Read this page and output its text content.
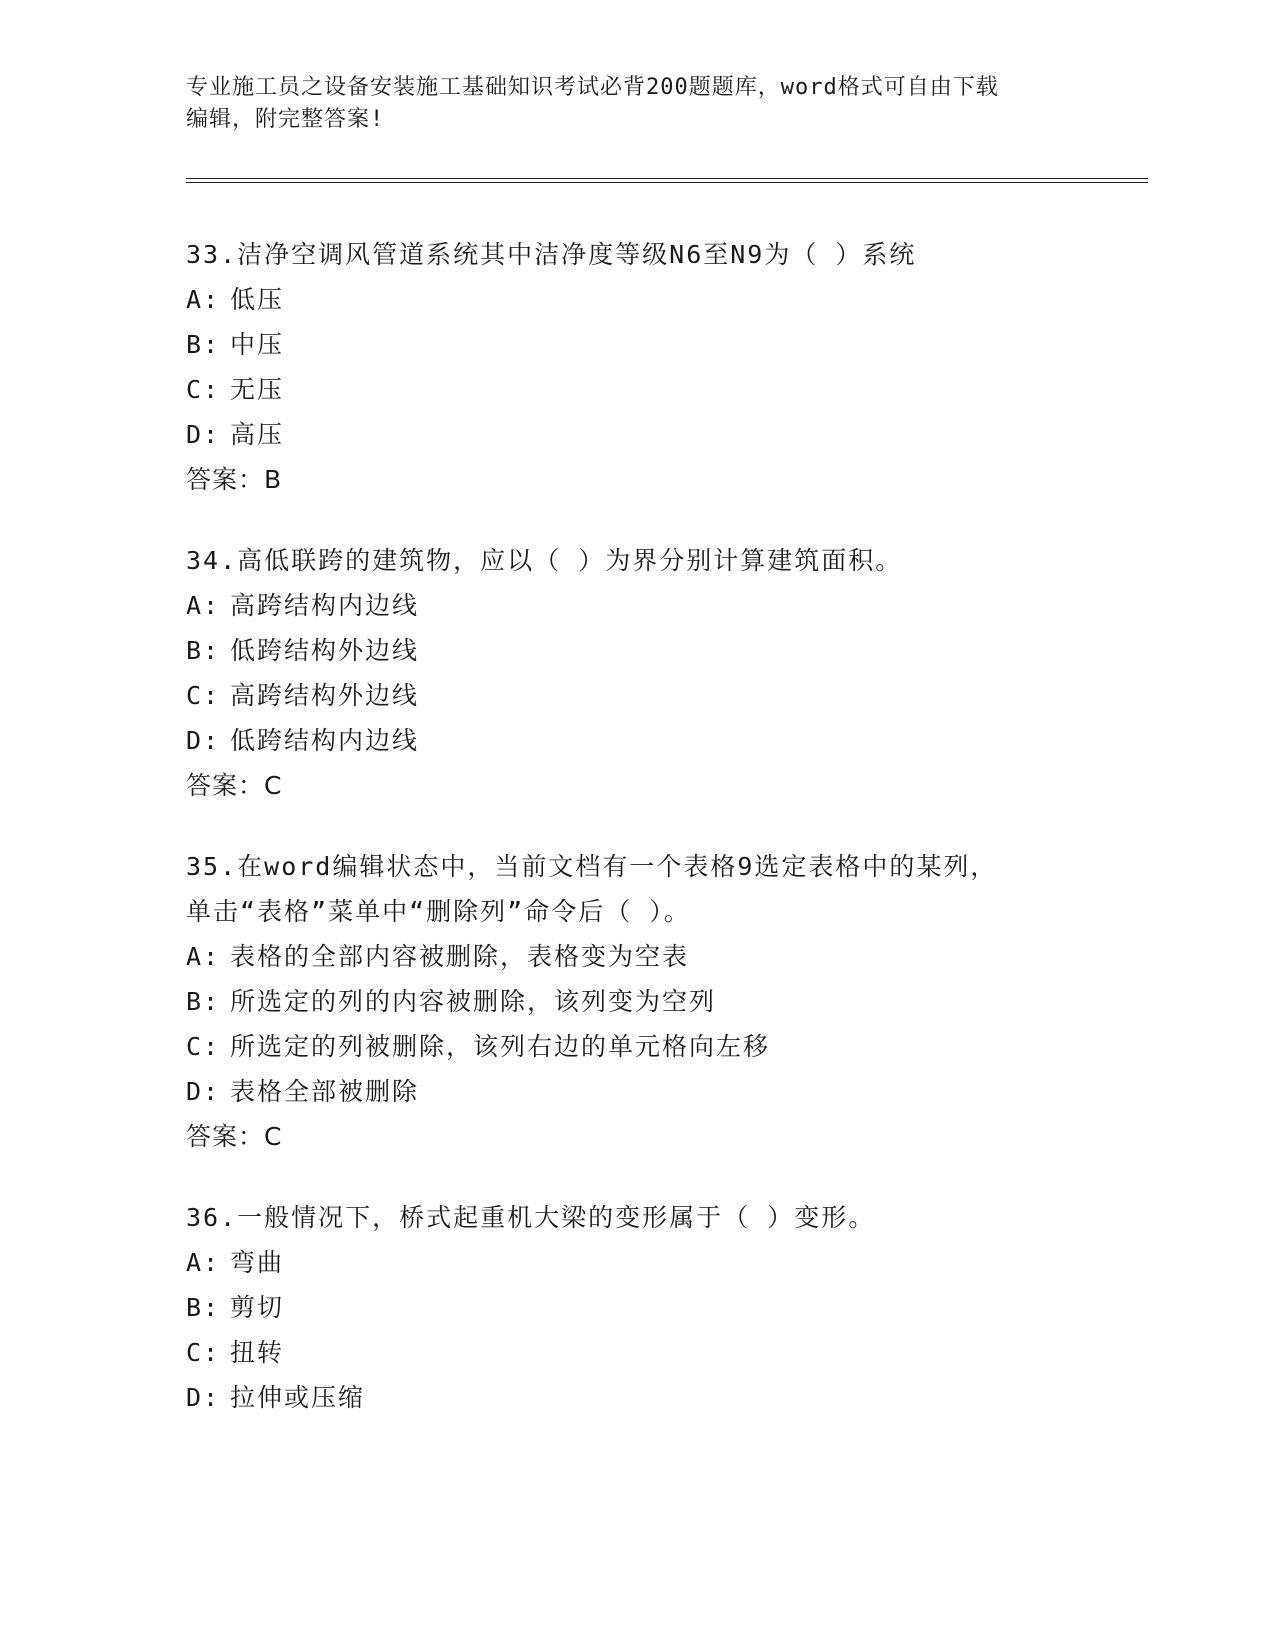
专业施工员之设备安装施工基础知识考试必背200题题库，word格式可自由下载
编辑，附完整答案!
33.洁净空调风管道系统其中洁净度等级N6至N9为（ ）系统
A: 低压
B: 中压
C: 无压
D: 高压
答案：B
34.高低联跨的建筑物，应以（ ）为界分别计算建筑面积。
A: 高跨结构内边线
B: 低跨结构外边线
C: 高跨结构外边线
D: 低跨结构内边线
答案：C
35.在word编辑状态中，当前文档有一个表格9选定表格中的某列，
单击“表格”菜单中“删除列”命令后（ ）。
A: 表格的全部内容被删除，表格变为空表
B: 所选定的列的内容被删除，该列变为空列
C: 所选定的列被删除，该列右边的单元格向左移
D: 表格全部被删除
答案：C
36.一般情况下，桥式起重机大梁的变形属于（ ）变形。
A: 弯曲
B: 剪切
C: 扭转
D: 拉伸或压缩
